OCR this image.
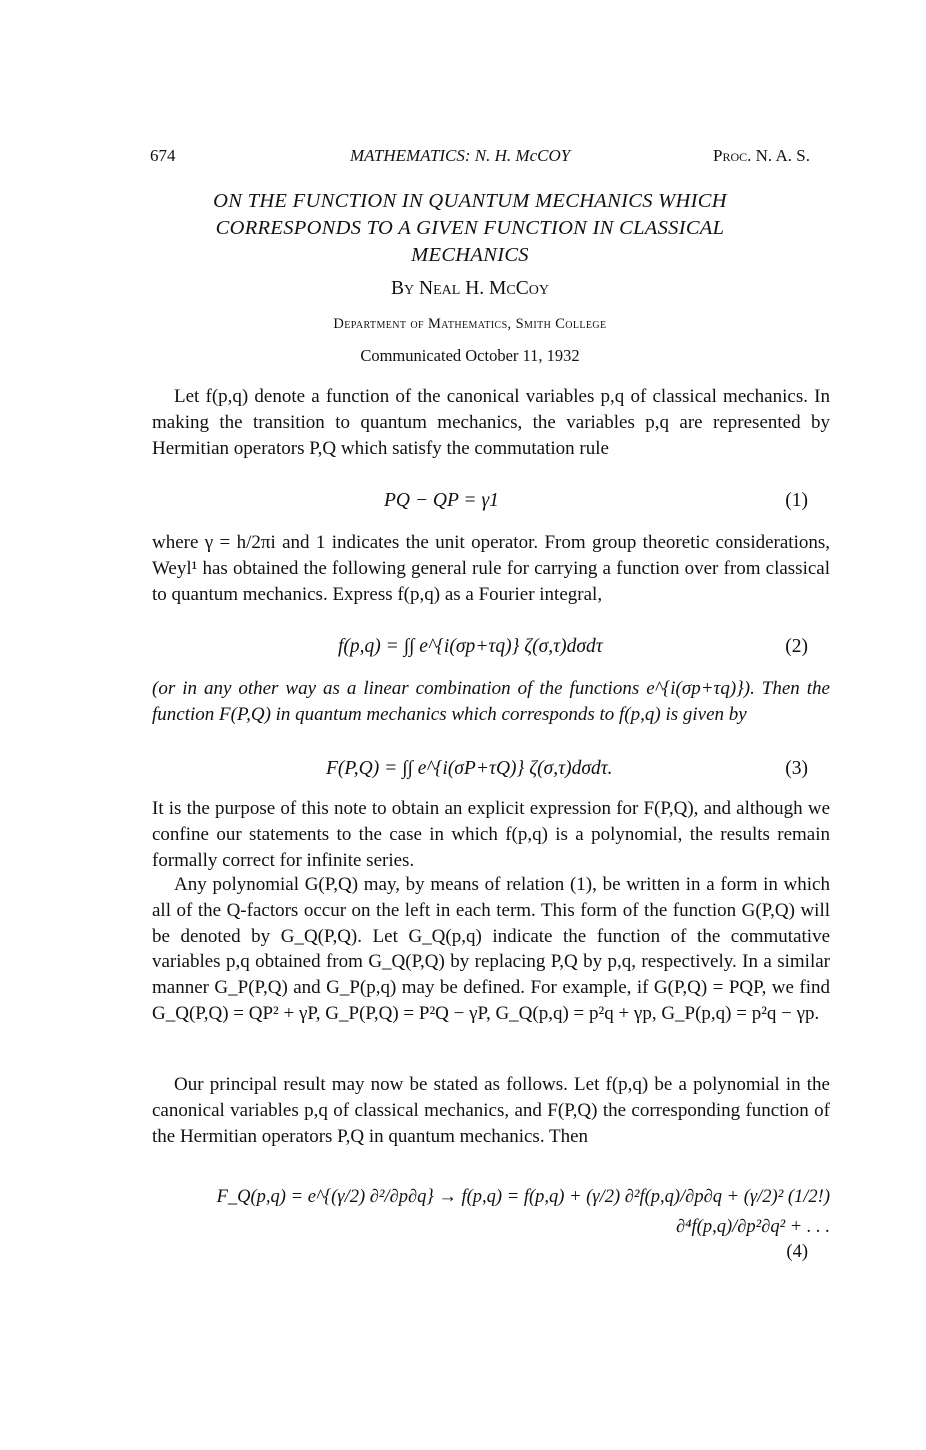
674	MATHEMATICS: N. H. McCOY	Proc. N. A. S.
ON THE FUNCTION IN QUANTUM MECHANICS WHICH
CORRESPONDS TO A GIVEN FUNCTION IN CLASSICAL
MECHANICS
By Neal H. McCoy
Department of Mathematics, Smith College
Communicated October 11, 1932
Let f(p,q) denote a function of the canonical variables p,q of classical mechanics. In making the transition to quantum mechanics, the variables p,q are represented by Hermitian operators P,Q which satisfy the commutation rule
PQ − QP = γ1	(1)
where γ = h/2πi and 1 indicates the unit operator. From group theoretic considerations, Weyl¹ has obtained the following general rule for carrying a function over from classical to quantum mechanics. Express f(p,q) as a Fourier integral,
f(p,q) = ∫∫ e^{i(σp+τq)} ζ(σ,τ)dσdτ	(2)
(or in any other way as a linear combination of the functions e^{i(σp+τq)}). Then the function F(P,Q) in quantum mechanics which corresponds to f(p,q) is given by
F(P,Q) = ∫∫ e^{i(σP+τQ)} ζ(σ,τ)dσdτ.	(3)
It is the purpose of this note to obtain an explicit expression for F(P,Q), and although we confine our statements to the case in which f(p,q) is a polynomial, the results remain formally correct for infinite series.
Any polynomial G(P,Q) may, by means of relation (1), be written in a form in which all of the Q-factors occur on the left in each term. This form of the function G(P,Q) will be denoted by G_Q(P,Q). Let G_Q(p,q) indicate the function of the commutative variables p,q obtained from G_Q(P,Q) by replacing P,Q by p,q, respectively. In a similar manner G_P(P,Q) and G_P(p,q) may be defined. For example, if G(P,Q) = PQP, we find G_Q(P,Q) = QP² + γP, G_P(P,Q) = P²Q − γP, G_Q(p,q) = p²q + γp, G_P(p,q) = p²q − γp.
Our principal result may now be stated as follows. Let f(p,q) be a polynomial in the canonical variables p,q of classical mechanics, and F(P,Q) the corresponding function of the Hermitian operators P,Q in quantum mechanics. Then
F_Q(p,q) = e^{(γ/2) ∂²/∂p∂q} → f(p,q) = f(p,q) + (γ/2) ∂²f(p,q)/∂p∂q + (γ/2)² (1/2!) ∂⁴f(p,q)/∂p²∂q² + . . .
(4)
